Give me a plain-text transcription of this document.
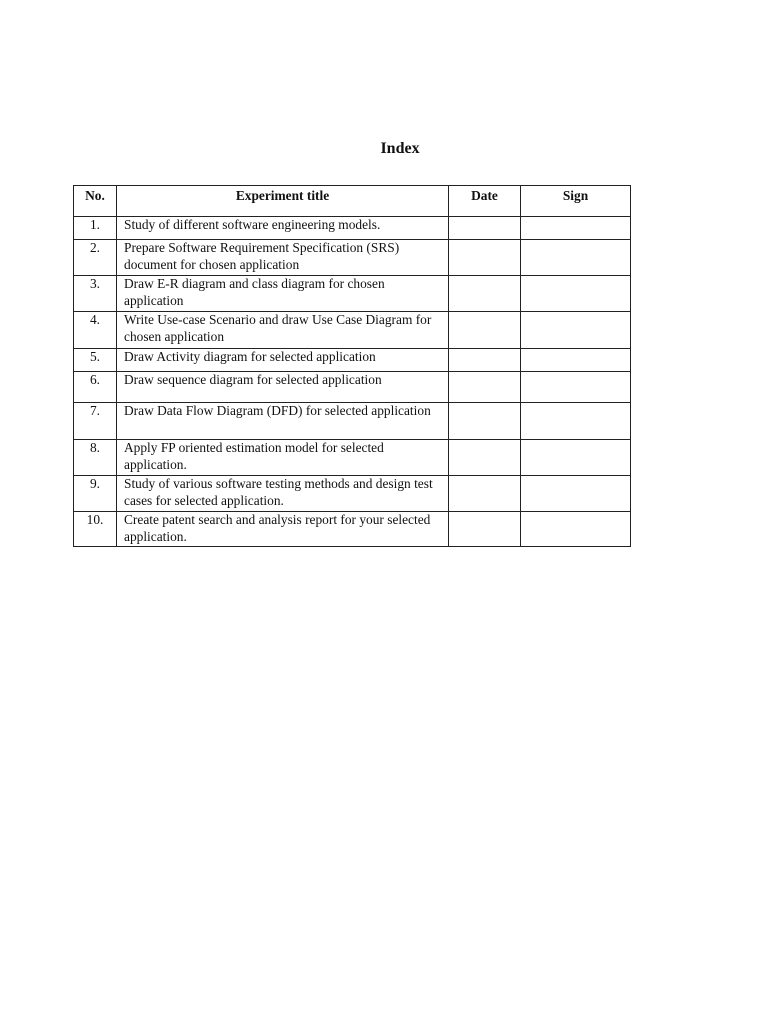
Index
No.	Experiment title	Date	Sign
1.	Study of different software engineering models.		
2.	Prepare Software Requirement Specification (SRS) document for chosen application		
3.	Draw E-R diagram and class diagram for chosen application		
4.	Write Use-case Scenario and draw Use Case Diagram for chosen application		
5.	Draw Activity diagram for selected application		
6.	Draw sequence diagram for selected application		
7.	Draw Data Flow Diagram (DFD) for selected application		
8.	Apply FP oriented estimation model for selected application.		
9.	Study of various software testing methods and design test cases for selected application.		
10.	Create patent search and analysis report for your selected application.		
